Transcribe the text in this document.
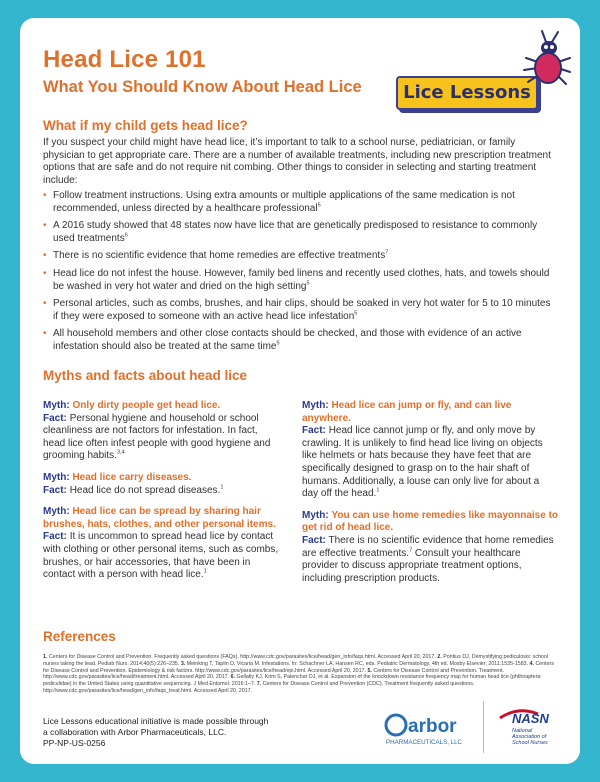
Head Lice 101
What You Should Know About Head Lice Lice Lessons
What if my child gets head lice?
If you suspect your child might have head lice, it’s important to talk to a school nurse, pediatrician, or family physician to get appropriate care. There are a number of available treatments, including new prescription treatment options that are safe and do not require nit combing. Other things to consider in selecting and starting treatment include:
• Follow treatment instructions. Using extra amounts or multiple applications of the same medication is not recommended, unless directed by a healthcare professional$^5$
• A 2016 study showed that 48 states now have lice that are genetically predisposed to resistance to commonly used treatments$^6$
• There is no scientific evidence that home remedies are effective treatments$^7$
• Head lice do not infest the house. However, family bed linens and recently used clothes, hats, and towels should be washed in very hot water and dried on the high setting$^5$
• Personal articles, such as combs, brushes, and hair clips, should be soaked in very hot water for 5 to 10 minutes if they were exposed to someone with an active head lice infestation$^5$
• All household members and other close contacts should be checked, and those with evidence of an active infestation should also be treated at the same time$^5$
Myths and facts about head lice
Myth: Only dirty people get head lice.
Fact: Personal hygiene and household or school cleanliness are not factors for infestation. In fact, head lice often infest people with good hygiene and grooming habits.$^{3,4}$
Myth: Head lice carry diseases.
Fact: Head lice do not spread diseases.$^1$
Myth: Head lice can be spread by sharing hair brushes, hats, clothes, and other personal items.
Fact: It is uncommon to spread head lice by contact with clothing or other personal items, such as combs, brushes, or hair accessories, that have been in contact with a person with head lice.$^1$
Myth: Head lice can jump or fly, and can live anywhere.
Fact: Head lice cannot jump or fly, and only move by crawling. It is unlikely to find head lice living on objects like helmets or hats because they have feet that are specifically designed to grasp on to the hair shaft of humans. Additionally, a louse can only live for about a day off the head.$^1$
Myth: You can use home remedies like mayonnaise to get rid of head lice.
Fact: There is no scientific evidence that home remedies are effective treatments.$^7$ Consult your healthcare provider to discuss appropriate treatment options, including prescription products.
References
1. Centers for Disease Control and Prevention. Frequently asked questions (FAQs). http://www.cdc.gov/parasites/lice/head/gen_info/faqs.html. Accessed April 20, 2017. 2. Pontius DJ. Demystifying pediculosis: school nurses taking the lead. Pediatr Nurs. 2014;40(5):226–235. 3. Meinking T, Taplin D, Vicaria M. Infestations. In: Schachner LA, Hansen RC, eds. Pediatric Dermatology, 4th ed. Mosby Elsevier; 2011:1535-1583. 4. Centers for Disease Control and Prevention. Epidemiology & risk factors. http://www.cdc.gov/parasites/lice/head/epi.html. Accessed April 20, 2017. 5. Centers for Disease Control and Prevention. Treatment. http://www.cdc.gov/parasites/lice/head/treatment.html. Accessed April 20, 2017. 6. Gellatly KJ, Krim S, Palenchar DJ, et al. Expansion of the knockdown resistance frequency map for human head lice (phthiraptera: pediculidae) in the United States using quantitative sequencing. J Med Entomol. 2016:1–7. 7. Centers for Disease Control and Prevention (CDC). Treatment frequently asked questions. http://www.cdc.gov/parasites/lice/head/gen_info/faqs_treat.html. Accessed April 20, 2017.
Lice Lessons educational initiative is made possible through
a collaboration with Arbor Pharmaceuticals, LLC.
PP-NP-US-0256
arbor
PHARMACEUTICALS, LLC
NASN
National
Association of
School Nurses
